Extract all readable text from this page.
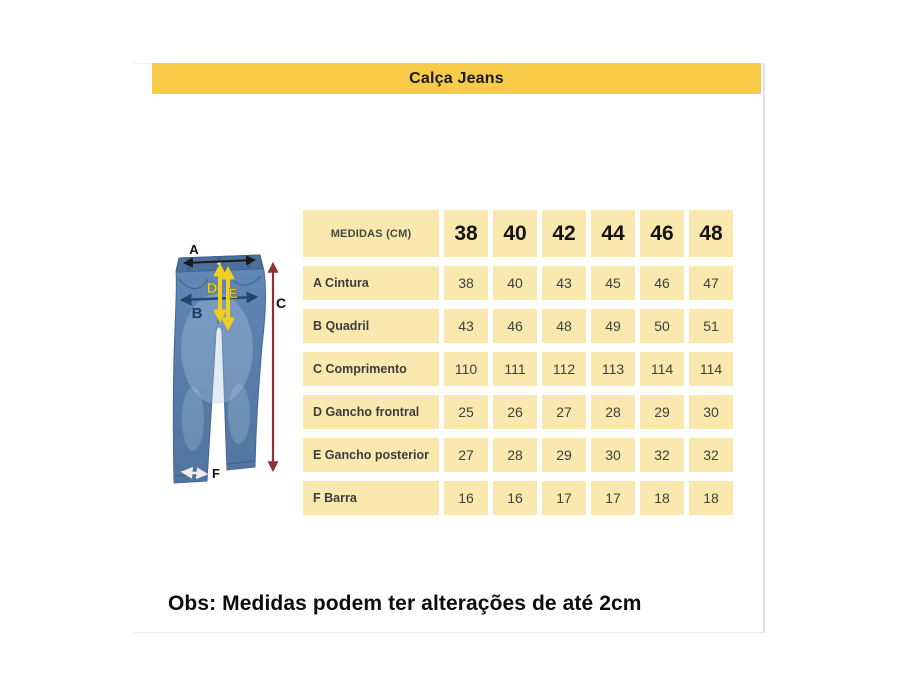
Calça Jeans
A
B
C
D E
F
MEDIDAS (CM)	38	40	42	44	46	48
A Cintura	38	40	43	45	46	47
B Quadril	43	46	48	49	50	51
C Comprimento	110	111	112	113	114	114
D Gancho frontral	25	26	27	28	29	30
E Gancho posterior	27	28	29	30	32	32
F Barra	16	16	17	17	18	18
Obs: Medidas podem ter alterações de até 2cm
